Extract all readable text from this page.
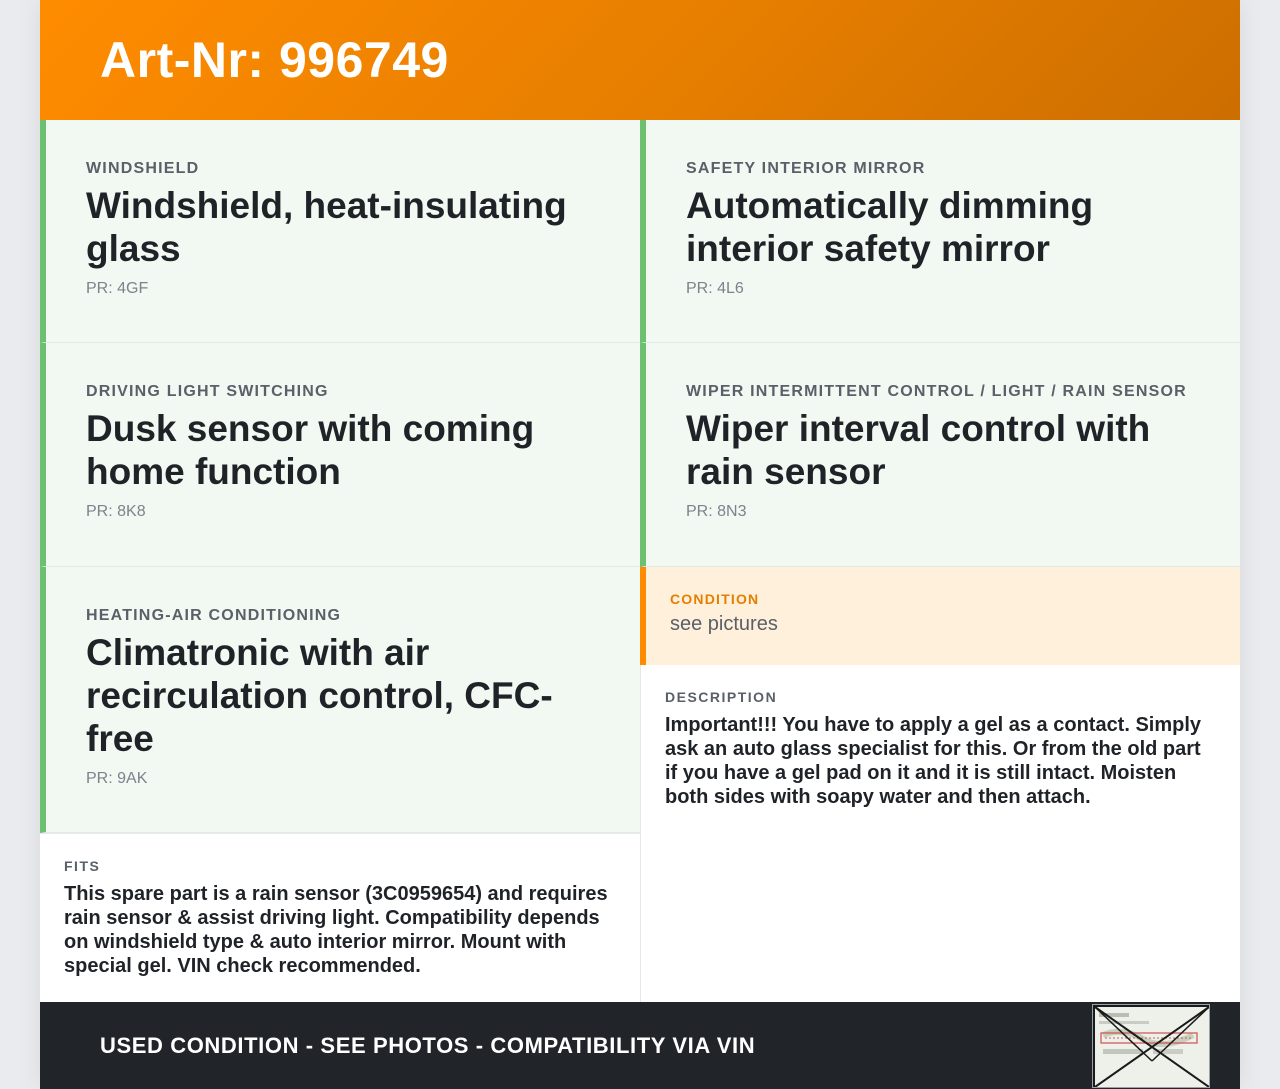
Art-Nr: 996749
WINDSHIELD
Windshield, heat-insulating glass
PR: 4GF
SAFETY INTERIOR MIRROR
Automatically dimming interior safety mirror
PR: 4L6
DRIVING LIGHT SWITCHING
Dusk sensor with coming home function
PR: 8K8
WIPER INTERMITTENT CONTROL / LIGHT / RAIN SENSOR
Wiper interval control with rain sensor
PR: 8N3
HEATING-AIR CONDITIONING
Climatronic with air recirculation control, CFC-free
PR: 9AK
FITS
This spare part is a rain sensor (3C0959654) and requires rain sensor & assist driving light. Compatibility depends on windshield type & auto interior mirror. Mount with special gel. VIN check recommended.
CONDITION
see pictures
DESCRIPTION
Important!!! You have to apply a gel as a contact. Simply ask an auto glass specialist for this. Or from the old part if you have a gel pad on it and it is still intact. Moisten both sides with soapy water and then attach.
USED CONDITION - SEE PHOTOS - COMPATIBILITY VIA VIN
